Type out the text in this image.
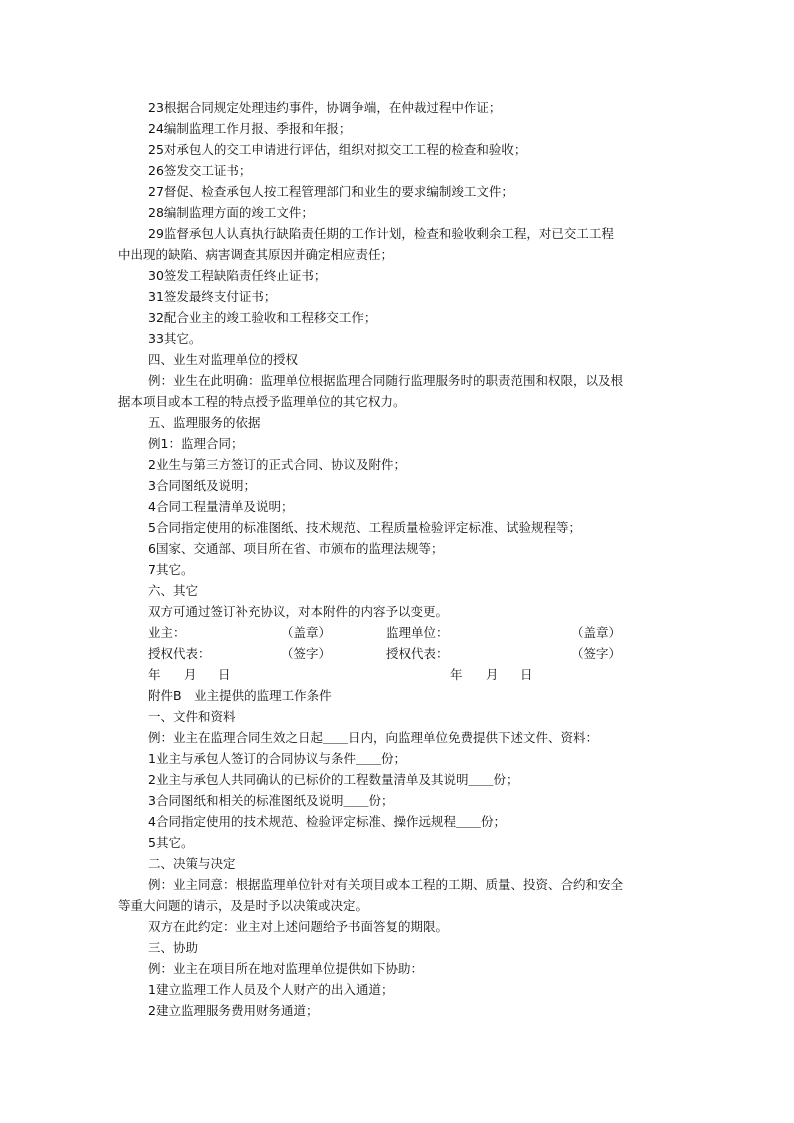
23根据合同规定处理违约事件，协调争端，在仲裁过程中作证；

24编制监理工作月报、季报和年报；

25对承包人的交工申请进行评估，组织对拟交工工程的检查和验收；

26签发交工证书；

27督促、检查承包人按工程管理部门和业生的要求编制竣工文件；

28编制监理方面的竣工文件；

29监督承包人认真执行缺陷责任期的工作计划，检查和验收剩余工程，对已交工工程

中出现的缺陷、病害调查其原因并确定相应责任；

30签发工程缺陷责任终止证书；

31签发最终支付证书；

32配合业主的竣工验收和工程移交工作；

33其它。

四、业生对监理单位的授权

例：业生在此明确：监理单位根据监理合同随行监理服务时的职责范围和权限，以及根

据本项目或本工程的特点授予监理单位的其它权力。

五、监理服务的依据

例1：监理合同；

2业生与第三方签订的正式合同、协议及附件；

3合同图纸及说明；

4合同工程量清单及说明；

5合同指定使用的标准图纸、技术规范、工程质量检验评定标准、试验规程等；

6国家、交通部、项目所在省、市颁布的监理法规等；

7其它。

六、其它

双方可通过签订补充协议，对本附件的内容予以变更。

业主：	（盖章）	监理单位：	（盖章）
授权代表：	（签字）	授权代表：	（签字）
年 月 日	年 月 日

附件B　业主提供的监理工作条件

一、文件和资料

例：业主在监理合同生效之日起＿＿日内，向监理单位免费提供下述文件、资料：

1业主与承包人签订的合同协议与条件＿＿份；

2业主与承包人共同确认的已标价的工程数量清单及其说明＿＿份；

3合同图纸和相关的标准图纸及说明＿＿份；

4合同指定使用的技术规范、检验评定标准、操作远规程＿＿份；

5其它。

二、决策与决定

例：业主同意：根据监理单位针对有关项目或本工程的工期、质量、投资、合约和安全

等重大问题的请示，及是时予以决策或决定。

双方在此约定：业主对上述问题给予书面答复的期限。

三、协助

例：业主在项目所在地对监理单位提供如下协助：

1建立监理工作人员及个人财产的出入通道；

2建立监理服务费用财务通道；
